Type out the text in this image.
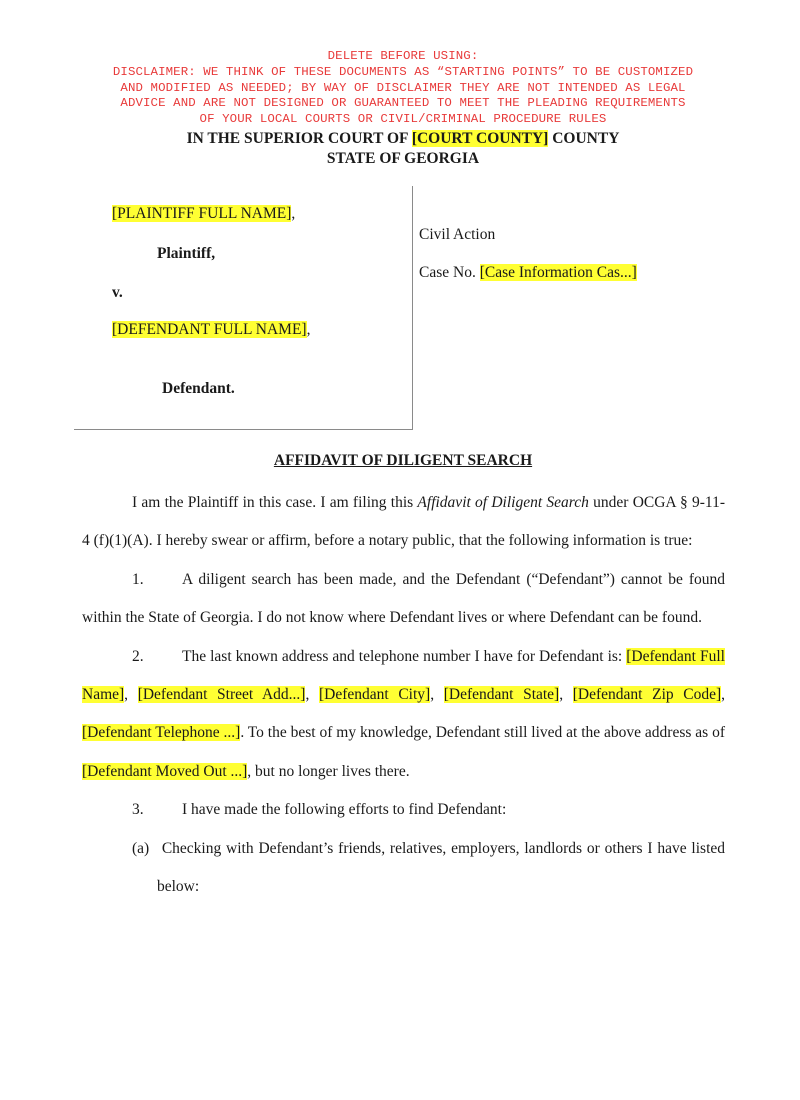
DELETE BEFORE USING:
DISCLAIMER: WE THINK OF THESE DOCUMENTS AS “STARTING POINTS” TO BE CUSTOMIZED
AND MODIFIED AS NEEDED; BY WAY OF DISCLAIMER THEY ARE NOT INTENDED AS LEGAL
ADVICE AND ARE NOT DESIGNED OR GUARANTEED TO MEET THE PLEADING REQUIREMENTS
OF YOUR LOCAL COURTS OR CIVIL/CRIMINAL PROCEDURE RULES
IN THE SUPERIOR COURT OF [COURT COUNTY] COUNTY
STATE OF GEORGIA
[PLAINTIFF FULL NAME],
Plaintiff,
v.
[DEFENDANT FULL NAME],
Defendant.
Civil Action
Case No. [Case Information Cas...]
AFFIDAVIT OF DILIGENT SEARCH

I am the Plaintiff in this case. I am filing this Affidavit of Diligent Search under OCGA § 9-11-4 (f)(1)(A). I hereby swear or affirm, before a notary public, that the following information is true:

1. A diligent search has been made, and the Defendant (“Defendant”) cannot be found within the State of Georgia. I do not know where Defendant lives or where Defendant can be found.

2. The last known address and telephone number I have for Defendant is: [Defendant Full Name], [Defendant Street Add...], [Defendant City], [Defendant State], [Defendant Zip Code], [Defendant Telephone ...]. To the best of my knowledge, Defendant still lived at the above address as of [Defendant Moved Out ...], but no longer lives there.

3. I have made the following efforts to find Defendant:

(a) Checking with Defendant’s friends, relatives, employers, landlords or others I have listed below:
